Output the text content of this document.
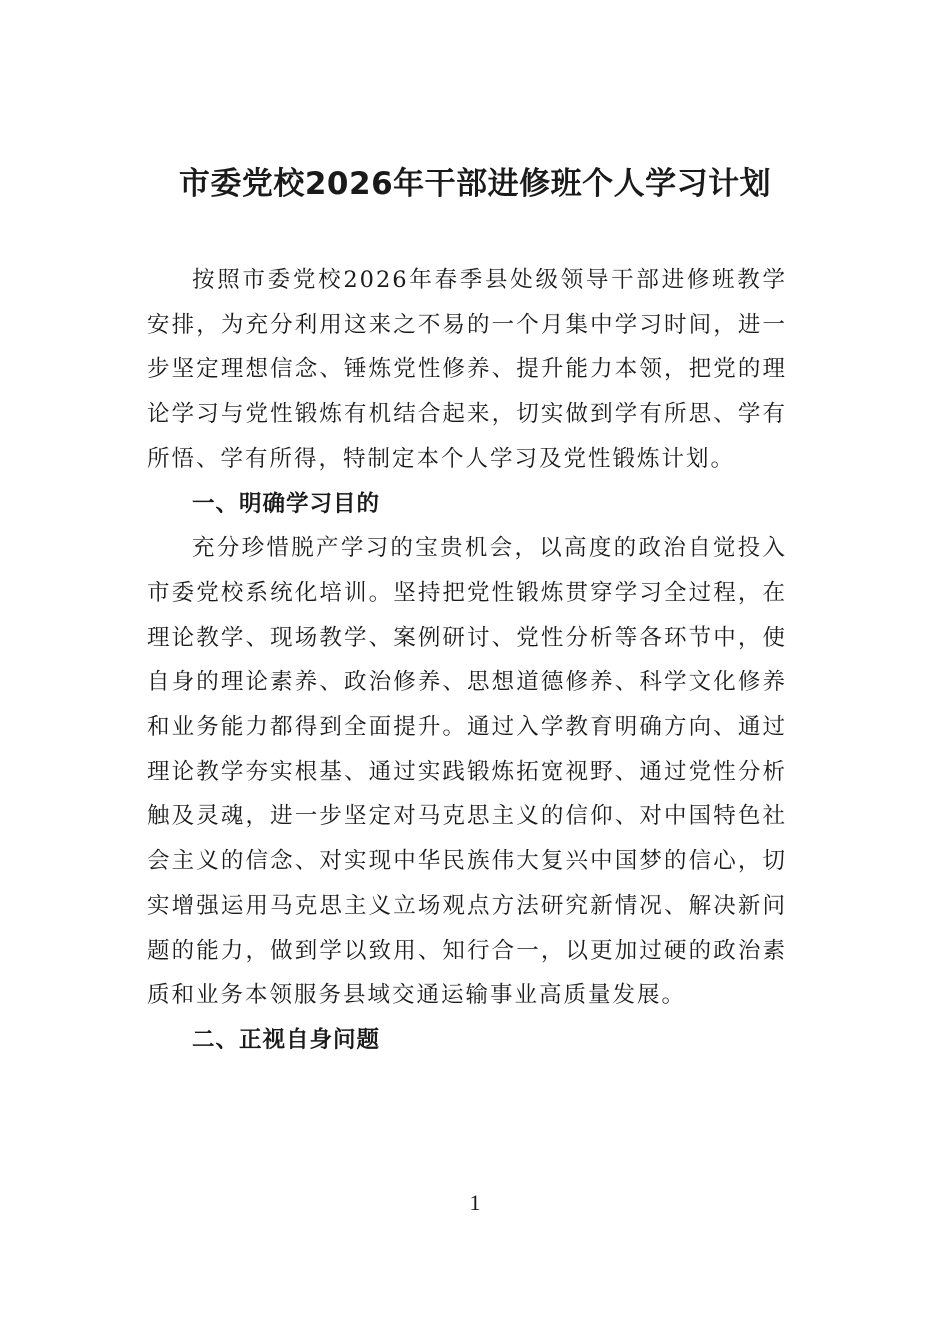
市委党校2026年干部进修班个人学习计划

按照市委党校2026年春季县处级领导干部进修班教学安排，为充分利用这来之不易的一个月集中学习时间，进一步坚定理想信念、锤炼党性修养、提升能力本领，把党的理论学习与党性锻炼有机结合起来，切实做到学有所思、学有所悟、学有所得，特制定本个人学习及党性锻炼计划。

一、明确学习目的

充分珍惜脱产学习的宝贵机会，以高度的政治自觉投入市委党校系统化培训。坚持把党性锻炼贯穿学习全过程，在理论教学、现场教学、案例研讨、党性分析等各环节中，使自身的理论素养、政治修养、思想道德修养、科学文化修养和业务能力都得到全面提升。通过入学教育明确方向、通过理论教学夯实根基、通过实践锻炼拓宽视野、通过党性分析触及灵魂，进一步坚定对马克思主义的信仰、对中国特色社会主义的信念、对实现中华民族伟大复兴中国梦的信心，切实增强运用马克思主义立场观点方法研究新情况、解决新问题的能力，做到学以致用、知行合一，以更加过硬的政治素质和业务本领服务县域交通运输事业高质量发展。

二、正视自身问题

1
